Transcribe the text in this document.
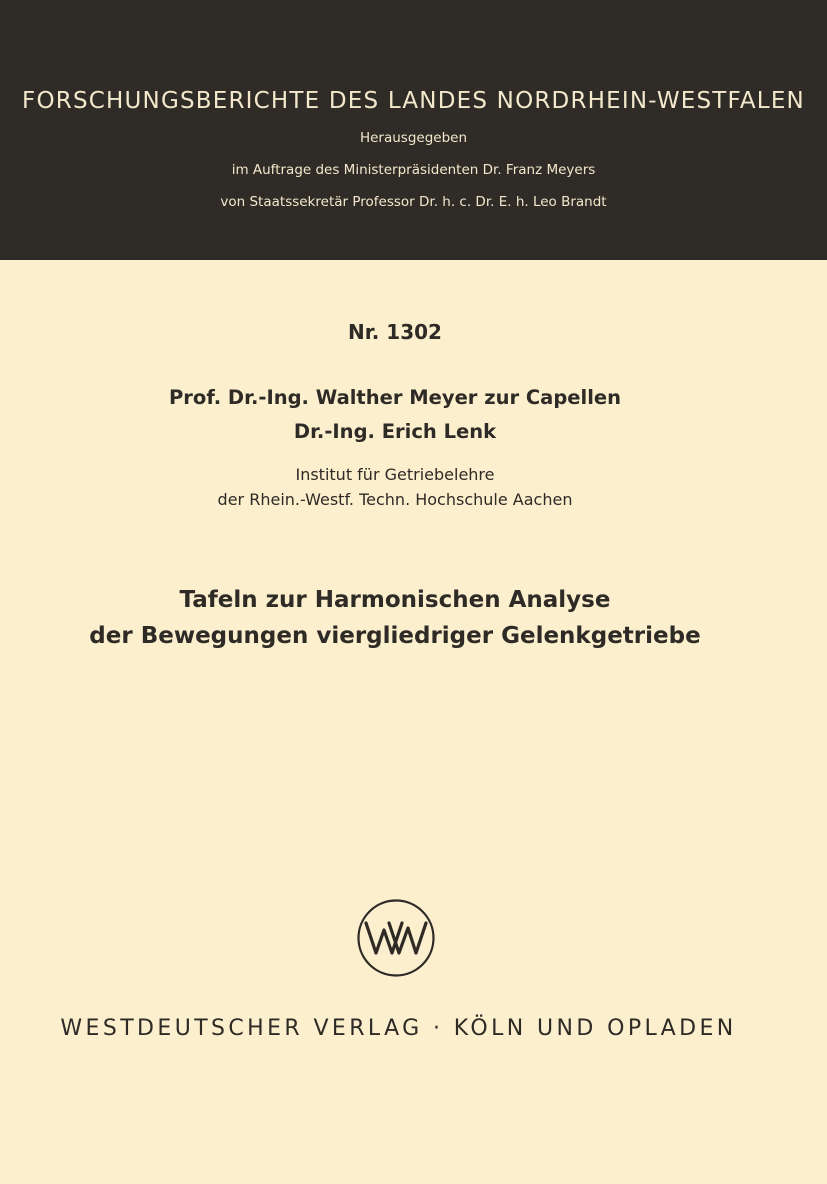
FORSCHUNGSBERICHTE DES LANDES NORDRHEIN-WESTFALEN
Herausgegeben
im Auftrage des Ministerpräsidenten Dr. Franz Meyers
von Staatssekretär Professor Dr. h. c. Dr. E. h. Leo Brandt
Nr. 1302
Prof. Dr.-Ing. Walther Meyer zur Capellen
Dr.-Ing. Erich Lenk
Institut für Getriebelehre
der Rhein.-Westf. Techn. Hochschule Aachen
Tafeln zur Harmonischen Analyse
der Bewegungen viergliedriger Gelenkgetriebe
WESTDEUTSCHER VERLAG · KÖLN UND OPLADEN
